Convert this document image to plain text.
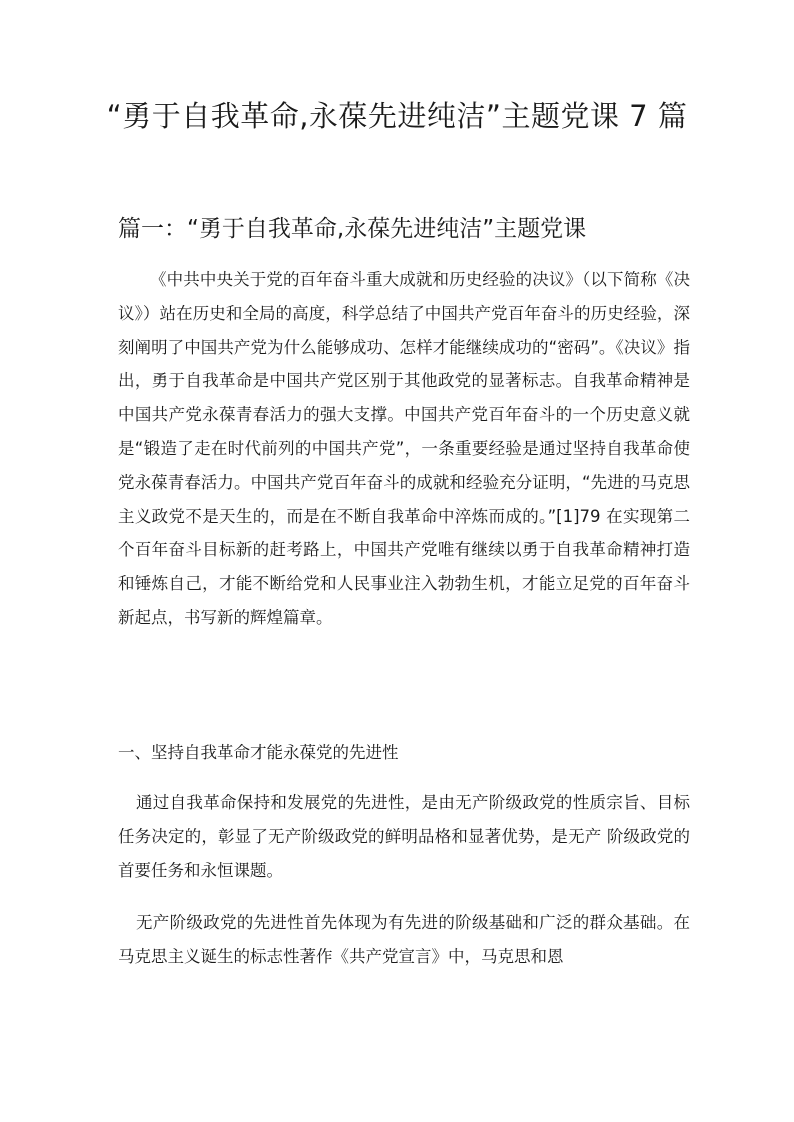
“勇于自我革命,永葆先进纯洁”主题党课 7 篇
篇一：“勇于自我革命,永葆先进纯洁”主题党课

《中共中央关于党的百年奋斗重大成就和历史经验的决议》（以下简称《决议》）站在历史和全局的高度，科学总结了中国共产党百年奋斗的历史经验，深刻阐明了中国共产党为什么能够成功、怎样才能继续成功的“密码”。《决议》指出，勇于自我革命是中国共产党区别于其他政党的显著标志。自我革命精神是中国共产党永葆青春活力的强大支撑。中国共产党百年奋斗的一个历史意义就是“锻造了走在时代前列的中国共产党”，一条重要经验是通过坚持自我革命使党永葆青春活力。中国共产党百年奋斗的成就和经验充分证明，“先进的马克思主义政党不是天生的，而是在不断自我革命中淬炼而成的。”[1]79 在实现第二个百年奋斗目标新的赶考路上，中国共产党唯有继续以勇于自我革命精神打造和锤炼自己，才能不断给党和人民事业注入勃勃生机，才能立足党的百年奋斗新起点，书写新的辉煌篇章。

一、坚持自我革命才能永葆党的先进性

通过自我革命保持和发展党的先进性，是由无产阶级政党的性质宗旨、目标任务决定的，彰显了无产阶级政党的鲜明品格和显著优势，是无产 阶级政党的首要任务和永恒课题。

无产阶级政党的先进性首先体现为有先进的阶级基础和广泛的群众基础。在马克思主义诞生的标志性著作《共产党宣言》中，马克思和恩
